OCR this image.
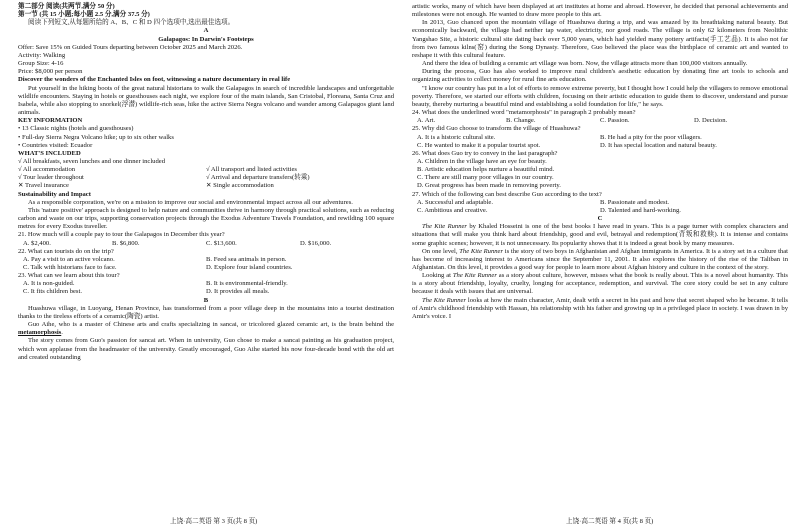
第二部分 阅读(共两节,满分 50 分)

第一节 (共 15 小题;每小题 2.5 分,满分 37.5 分)

阅读下列短文,从每题所给的 A、B、C 和 D 四个选项中,选出最佳选项。

A

Galapagos: In Darwin's Footsteps

Offer: Save 15% on Guided Tours departing between October 2025 and March 2026.

Activity: Walking

Group Size: 4-16

Price: $8,000 per person

Discover the wonders of the Enchanted Isles on foot, witnessing a nature documentary in real life

Put yourself in the hiking boots of the great natural historians to walk the Galapagos in search of incredible landscapes and unforgettable wildlife encounters. Staying in hotels or guesthouses each night, we explore four of the main islands, San Cristobal, Floreana, Santa Cruz and Isabela, while also stopping to snorkel(浮潜) wildlife-rich seas, hike the active Sierra Negra volcano and wander among Galapagos giant land animals.

KEY INFORMATION

• 13 Classic nights (hotels and guesthouses)

• Full-day Sierra Negra Volcano hike; up to six other walks

• Countries visited: Ecuador

WHAT'S INCLUDED

√ All breakfasts, seven lunches and one dinner included

√ All accommodation	√ All transport and listed activities
√ Tour leader throughout	√ Arrival and departure transfers(转乘)
✕ Travel insurance	✕ Single accommodation

Sustainability and Impact

As a responsible corporation, we're on a mission to improve our social and environmental impact across all our adventures.

This 'nature positive' approach is designed to help nature and communities thrive in harmony through practical solutions, such as reducing carbon and waste on our trips, supporting conservation projects through the Exodus Adventure Travels Foundation, and rewilding 100 square metres for every Exodus traveller.

21. How much will a couple pay to tour the Galapagos in December this year?

A. $2,400.	B. $6,800.	C. $13,600.	D. $16,000.

22. What can tourists do on the trip?

A. Pay a visit to an active volcano.	B. Feed sea animals in person.
C. Talk with historians face to face.	D. Explore four island countries.

23. What can we learn about this tour?

A. It is non-guided.	B. It is environmental-friendly.
C. It fits children best.	D. It provides all meals.

B

Huashuwa village, in Luoyang, Henan Province, has transformed from a poor village deep in the mountains into a tourist destination thanks to the tireless efforts of a ceramic(陶瓷) artist.

Guo Aihe, who is a master of Chinese arts and crafts specializing in sancai, or tricolored glazed ceramic art, is the brain behind the metamorphosis.

The story comes from Guo's passion for sancai art. When in university, Guo chose to make a sancai painting as his graduation project, which won applause from the headmaster of the university. Greatly encouraged, Guo Aihe started his now four-decade bond with the old art and created outstanding

artistic works, many of which have been displayed at art institutes at home and abroad. However, he decided that personal achievements and milestones were not enough. He wanted to draw more people to this art.

In 2013, Guo chanced upon the mountain village of Huashuwa during a trip, and was amazed by its breathtaking natural beauty. But economically backward, the village had neither tap water, electricity, nor good roads. The village is only 62 kilometers from Neolithic Yangshao Site, a historic cultural site dating back over 5,000 years, which had yielded many pottery artifacts(手工艺品). It is also not far from two famous kilns(窑) during the Song Dynasty. Therefore, Guo believed the place was the birthplace of ceramic art and wanted to reshape it with this cultural feature.

And there the idea of building a ceramic art village was born. Now, the village attracts more than 100,000 visitors annually.

During the process, Guo has also worked to improve rural children's aesthetic education by donating fine art tools to schools and organizing activities to collect money for rural fine arts education.

"I know our country has put in a lot of efforts to remove extreme poverty, but I thought how I could help the villagers to remove emotional poverty. Therefore, we started our efforts with children, focusing on their artistic education to guide them to discover, understand and pursue beauty, thereby nurturing a beautiful mind and establishing a solid foundation for life," he says.

24. What does the underlined word "metamorphosis" in paragraph 2 probably mean?

A. Art.	B. Change.	C. Passion.	D. Decision.

25. Why did Guo choose to transform the village of Huashuwa?

A. It is a historic cultural site.	B. He had a pity for the poor villagers.
C. He wanted to make it a popular tourist spot.	D. It has special location and natural beauty.

26. What does Guo try to convey in the last paragraph?

A. Children in the village have an eye for beauty.

B. Artistic education helps nurture a beautiful mind.

C. There are still many poor villages in our country.

D. Great progress has been made in removing poverty.

27. Which of the following can best describe Guo according to the text?

A. Successful and adaptable.	B. Passionate and modest.
C. Ambitious and creative.	D. Talented and hard-working.

C

The Kite Runner by Khaled Hosseini is one of the best books I have read in years. This is a page turner with complex characters and situations that will make you think hard about friendship, good and evil, betrayal and redemption(背叛和救赎). It is intense and contains some graphic scenes; however, it is not unnecessary. Its popularity shows that it is indeed a great book by many measures.

On one level, The Kite Runner is the story of two boys in Afghanistan and Afghan immigrants in America. It is a story set in a culture that has become of increasing interest to Americans since the September 11, 2001. It also explores the history of the rise of the Taliban in Afghanistan. On this level, it provides a good way for people to learn more about Afghan history and culture in the context of the story.

Looking at The Kite Runner as a story about culture, however, misses what the book is really about. This is a novel about humanity. This is a story about friendship, loyalty, cruelty, longing for acceptance, redemption, and survival. The core story could be set in any culture because it deals with issues that are universal.

The Kite Runner looks at how the main character, Amir, dealt with a secret in his past and how that secret shaped who he became. It tells of Amir's childhood friendship with Hassan, his relationship with his father and growing up in a privileged place in society. I was drawn in by Amir's voice. I

上饶·高二英语 第 3 页(共 8 页)	上饶·高二英语 第 4 页(共 8 页)
